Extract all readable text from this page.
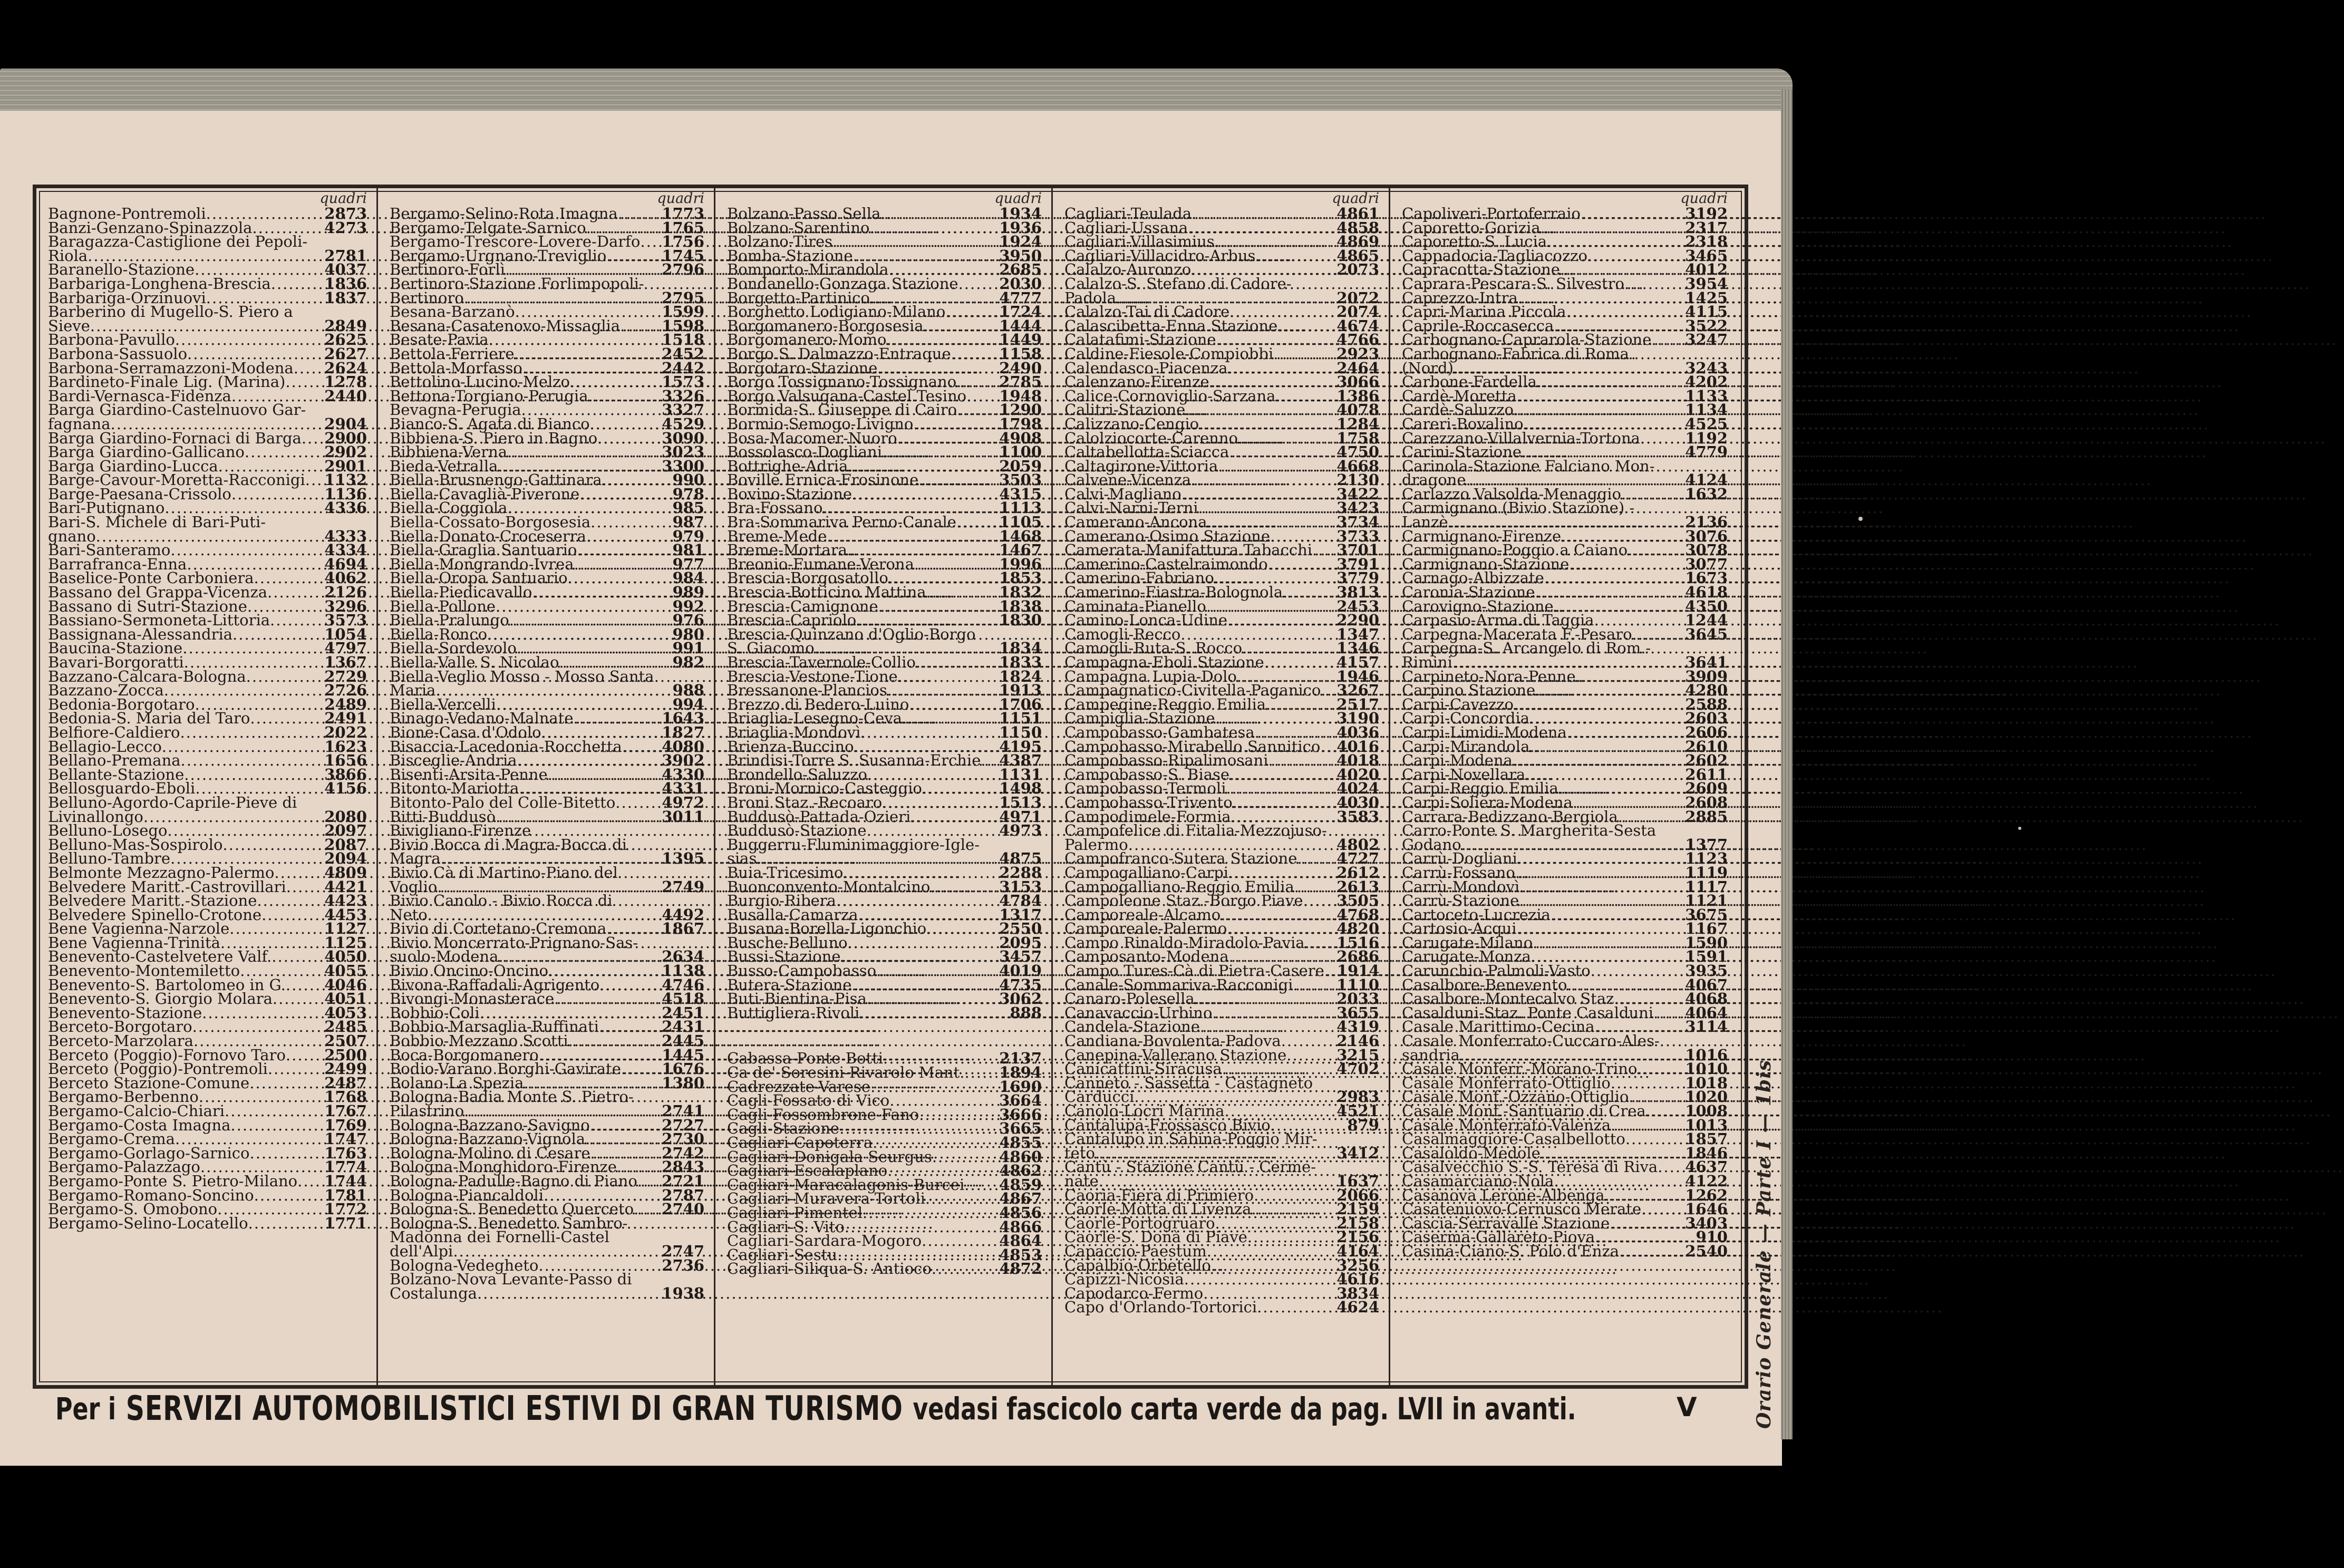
quadri
Bagnone-Pontremoli .....	2873
Banzi-Genzano-Spinazzola .....	4273
Baragazza-Castiglione dei Pepoli-
Riola .....	2781
Baranello-Stazione .....	4037
Barbariga-Longhena-Brescia .....	1836
Barbariga-Orzinuovi .....	1837
Barberino di Mugello-S. Piero a
Sieve .....	2849
Barbona-Pavullo .....	2625
Barbona-Sassuolo .....	2627
Barbona-Serramazzoni-Modena ..... 2624
Bardineto-Finale Lig. (Marina) .....	1278
Bardi-Vernasca-Fidenza .....	2440
Barga Giardino-Castelnuovo Gar-
fagnana .....	2904
Barga Giardino-Fornaci di Barga ..... 2900
Barga Giardino-Gallicano .....	2902
Barga Giardino-Lucca .....	2901
Barge-Cavour-Moretta-Racconigi ..... 1132
Barge-Paesana-Crissolo .....	1136
Bari-Putignano .....	4336
Bari-S. Michele di Bari-Puti-
gnano .....	4333
Bari-Santeramo .....	4334
Barrafranca-Enna .....	4694
Baselice-Ponte Carboniera .....	4062
Bassano del Grappa-Vicenza .....	2126
Bassano di Sutri-Stazione .....	3296
Bassiano-Sermoneta-Littoria .....	3573
Bassignana-Alessandria .....	1054
Baucina-Stazione .....	4797
Bavari-Borgoratti .....	1367
Bazzano-Calcara-Bologna .....	2729
Bazzano-Zocca .....	2726
Bedonia-Borgotaro .....	2489
Bedonia-S. Maria del Taro .....	2491
Belfiore-Caldiero .....	2022
Bellagio-Lecco .....	1623
Bellano-Premana .....	1656
Bellante-Stazione .....	3866
Bellosguardo-Eboli .....	4156
Belluno-Agordo-Caprile-Pieve di
Livinallongo .....	2080
Belluno-Losego .....	2097
Belluno-Mas-Sospirolo .....	2087
Belluno-Tambre .....	2094
Belmonte Mezzagno-Palermo .....	4809
Belvedere Maritt.-Castrovillari .....	4421
Belvedere Maritt.-Stazione .....	4423
Belvedere Spinello-Crotone .....	4453
Bene Vagienna-Narzole .....	1127
Bene Vagienna-Trinità .....	1125
Benevento-Castelvetere Valf. .....	4050
Benevento-Montemiletto .....	4055
Benevento-S. Bartolomeo in G. .....	4046
Benevento-S. Giorgio Molara .....	4051
Benevento-Stazione .....	4053
Berceto-Borgotaro .....	2485
Berceto-Marzolara .....	2507
Berceto (Poggio)-Fornovo Taro .....	2500
Berceto (Poggio)-Pontremoli .....	2499
Berceto Stazione-Comune .....	2487
Bergamo-Berbenno .....	1768
Bergamo-Calcio-Chiari .....	1767
Bergamo-Costa Imagna .....	1769
Bergamo-Crema .....	1747
Bergamo-Gorlago-Sarnico .....	1763
Bergamo-Palazzago .....	1774
Bergamo-Ponte S. Pietro-Milano ..... 1744
Bergamo-Romano-Soncino .....	1781
Bergamo-S. Omobono .....	1772
Bergamo-Selino-Locatello .....	1771
quadri
Bergamo-Selino-Rota Imagna .....	1773
Bergamo-Telgate-Sarnico .....	1765
Bergamo-Trescore-Lovere-Darfo ..... 1756
Bergamo-Urgnano-Treviglio .....	1745
Bertinoro-Forlì .....	2796
Bertinoro-Stazione Forlimpopoli-
Bertinoro .....	2795
Besana-Barzanò .....	1599
Besana-Casatenovo-Missaglia .....	1598
Besate-Pavia .....	1518
Bettola-Ferriere .....	2452
Bettola-Morfasso .....	2442
Bettolino-Lucino-Melzo .....	1573
Bettona-Torgiano-Perugia .....	3326
Bevagna-Perugia .....	3327
Bianco-S. Agata di Bianco .....	4529
Bibbiena-S. Piero in Bagno .....	3090
Bibbiena-Verna .....	3023
Bieda-Vetralla .....	3300
Biella-Brusnengo-Gattinara .....	990
Biella-Cavaglià-Piverone .....	978
Biella-Coggiola .....	985
Biella-Cossato-Borgosesia .....	987
Biella-Donato-Croceserra .....	979
Biella-Graglia Santuario .....	981
Biella-Mongrando-Ivrea .....	977
Biella-Oropa Santuario .....	984
Biella-Piedicavallo .....	989
Biella-Pollone .....	992
Biella-Pralungo .....	976
Biella-Ronco .....	980
Biella-Sordevolo .....	991
Biella-Valle S. Nicolao .....	982
Biella-Veglio Mosso - Mosso Santa
Maria .....	988
Biella-Vercelli .....	994
Binago-Vedano-Malnate .....	1643
Bione-Casa d'Odolo .....	1827
Bisaccia-Lacedonia-Rocchetta .....	4080
Bisceglie-Andria .....	3902
Bisenti-Arsita-Penne .....	4330
Bitonto-Mariotta .....	4331
Bitonto-Palo del Colle-Bitetto .....	4972
Bitti-Buddusò .....	3011
Bivigliano-Firenze
Bivio Bocca di Magra-Bocca di
Magra .....	1395
Bivio Cà di Martino-Piano del
Voglio .....	2749
Bivio Canolo - Bivio Rocca di
Neto .....	4492
Bivio di Cortetano-Cremona .....	1867
Bivio Moncerrato-Prignano-Sas-
suolo-Modena .....	2634
Bivio Oncino-Oncino .....	1138
Bivona-Raffadali-Agrigento .....	4746
Bivongi-Monasterace .....	4518
Bobbio-Coli .....	2451
Bobbio-Marsaglia-Ruffinati .....	2431
Bobbio-Mezzano Scotti .....	2445
Boca-Borgomanero .....	1445
Bodio-Varano Borghi-Gavirate .....	1676
Bolano-La Spezia .....	1380
Bologna-Badia Monte S. Pietro-
Pilastrino .....	2741
Bologna-Bazzano-Savigno .....	2727
Bologna-Bazzano-Vignola .....	2730
Bologna-Molino di Cesare .....	2742
Bologna-Monghidoro-Firenze .....	2843
Bologna-Padulle-Bagno di Piano ..... 2721
Bologna-Piancaldoli .....	2787
Bologna-S. Benedetto Querceto ..... 2740
Bologna-S. Benedetto Sambro-
Madonna dei Fornelli-Castel
dell'Alpi .....	2747
Bologna-Vedegheto .....	2736
Bolzano-Nova Levante-Passo di
Costalunga .....	1938
quadri
Bolzano-Passo Sella .....	1934
Bolzano-Sarentino .....	1936
Bolzano-Tires .....	1924
Bomba-Stazione .....	3950
Bomporto-Mirandola .....	2685
Bondanello-Gonzaga Stazione .....	2030
Borgetto-Partinico .....	4777
Borghetto Lodigiano-Milano .....	1724
Borgomanero-Borgosesia .....	1444
Borgomanero-Momo .....	1449
Borgo S. Dalmazzo-Entraque .....	1158
Borgotaro-Stazione .....	2490
Borgo Tossignano-Tossignano .....	2785
Borgo Valsugana-Castel Tesino ..... 1948
Bormida-S. Giuseppe di Cairo .....	1290
Bormio-Semogo-Livigno .....	1798
Bosa-Macomer-Nuoro .....	4908
Bossolasco-Dogliani .....	1100
Bottrighe-Adria .....	2059
Boville Ernica-Frosinone .....	3503
Bovino-Stazione .....	4315
Bra-Fossano .....	1113
Bra-Sommariva Perno-Canale .....	1105
Breme-Mede .....	1468
Breme-Mortara .....	1467
Breonio-Fumane-Verona .....	1996
Brescia-Borgosatollo .....	1853
Brescia-Botticino Mattina .....	1832
Brescia-Camignone .....	1838
Brescia-Capriolo .....	1830
Brescia-Quinzano d'Oglio-Borgo
S. Giacomo .....	1834
Brescia-Tavernole-Collio .....	1833
Brescia-Vestone-Tione .....	1824
Bressanone-Plancios .....	1913
Brezzo di Bedero-Luino .....	1706
Briaglia-Lesegno-Ceva .....	1151
Briaglia-Mondovì .....	1150
Brienza-Buccino .....	4195
Brindisi-Torre S. Susanna-Erchie ..... 4387
Brondello-Saluzzo .....	1131
Broni-Mornico-Casteggio .....	1498
Broni Staz.-Recoaro .....	1513
Buddusò-Pattada-Ozieri .....	4971
Buddusò-Stazione .....	4973
Buggerru-Fluminimaggiore-Igle-
sias .....	4875
Buia-Tricesimo .....	2288
Buonconvento-Montalcino .....	3153
Burgio-Ribera .....	4784
Busalla-Camarza .....	1317
Busana-Borella-Ligonchio .....	2550
Busche-Belluno .....	2095
Bussi-Stazione .....	3457
Busso-Campobasso .....	4019
Butera-Stazione .....	4735
Buti-Bientina-Pisa .....	3062
Buttigliera-Rivoli .....	888
Cabassa-Ponte Botti .....	2137
Ca de' Soresini-Rivarolo Mant. ..... 1894
Cadrezzate-Varese .....	1690
Cagli-Fossato di Vico .....	3664
Cagli-Fossombrone-Fano .....	3666
Cagli-Stazione .....	3665
Cagliari-Capoterra .....	4855
Cagliari-Donigala Seurgus .....	4860
Cagliari-Escalaplano .....	4862
Cagliari-Maracalagonis-Burcei ..... 4859
Cagliari-Muravera-Tortoli .....	4867
Cagliari-Pimentel .....	4856
Cagliari-S. Vito .....	4866
Cagliari-Sardara-Mogoro .....	4864
Cagliari-Sestu .....	4853
Cagliari-Siliqua-S. Antioco .....	4872
quadri
Cagliari-Teulada .....	4861
Cagliari-Ussana .....	4858
Cagliari-Villasimius .....	4869
Cagliari-Villacidro-Arbus .....	4865
Calalzo-Auronzo .....	2073
Calalzo-S. Stefano di Cadore-
Padola .....	2072
Calalzo-Tai di Cadore .....	2074
Calascibetta-Enna Stazione .....	4674
Calatafimi-Stazione .....	4766
Caldine-Fiesole-Compiobbi .....	2923
Calendasco-Piacenza .....	2464
Calenzano-Firenze .....	3066
Calice-Cornoviglio-Sarzana .....	1386
Calitri-Stazione .....	4078
Calizzano-Cengio .....	1284
Calolziocorte-Carenno .....	1758
Caltabellotta-Sciacca .....	4750
Caltagirone-Vittoria .....	4668
Calvene-Vicenza .....	2130
Calvi-Magliano .....	3422
Calvi-Narni-Terni .....	3423
Camerano-Ancona .....	3734
Camerano-Osimo Stazione .....	3733
Camerata-Manifattura Tabacchi ..... 3701
Camerino-Castelraimondo .....	3791
Camerino-Fabriano .....	3779
Camerino-Fiastra-Bolognola .....	3813
Caminata-Pianello .....	2453
Camino-Lonca-Udine .....	2290
Camogli-Recco .....	1347
Camogli-Ruta-S. Rocco .....	1346
Campagna-Eboli Stazione .....	4157
Campagna Lupia-Dolo .....	1946
Campagnatico-Civitella-Paganico ..... 3267
Campegine-Reggio Emilia .....	2517
Campiglia-Stazione .....	3190
Campobasso-Gambatesa .....	4036
Campobasso-Mirabello Sannitico ..... 4016
Campobasso-Ripalimosani .....	4018
Campobasso-S. Biase .....	4020
Campobasso-Termoli .....	4024
Campobasso-Trivento .....	4030
Campodimele-Formia .....	3583
Campofelice di Fitalia-Mezzojuso-
Palermo .....	4802
Campofranco-Sutera Stazione .....	4727
Campogalliano-Carpi .....	2612
Campogalliano-Reggio Emilia .....	2613
Campoleone Staz.-Borgo Piave ..... 3505
Camporeale-Alcamo .....	4768
Camporeale-Palermo .....	4820
Campo Rinaldo-Miradolo-Pavia ..... 1516
Camposanto-Modena .....	2686
Campo Tures-Cà di Pietra-Casere ..... 1914
Canale-Sommariva-Racconigi .....	1110
Canaro-Polesella .....	2033
Canavaccio-Urbino .....	3655
Candela-Stazione .....	4319
Candiana-Bovolenta-Padova .....	2146
Canepina-Vallerano Stazione .....	3215
Canicattini-Siracusa .....	4702
Canneto - Sassetta - Castagneto
Carducci .....	2983
Canolo-Locri Marina .....	4521
Cantalupa-Frossasco Bivio .....	879
Cantalupo in Sabina-Poggio Mir-
teto .....	3412
Cantù - Stazione Cantù - Cerme-
nate .....	1637
Caoria-Fiera di Primiero .....	2066
Caorle-Motta di Livenza .....	2159
Caorle-Portogruaro .....	2158
Caorle-S. Donà di Piave .....	2156
Capaccio-Paestum .....	4164
Capalbio-Orbetello .....	3256
Capizzi-Nicosia .....	4616
Capodarco-Fermo .....	3834
Capo d'Orlando-Tortorici .....	4624
quadri
Capoliveri-Portoferraio .....	3192
Caporetto-Gorizia .....	2317
Caporetto-S. Lucia .....	2318
Cappadocia-Tagliacozzo .....	3465
Capracotta-Stazione .....	4012
Caprara-Pescara-S. Silvestro .....	3954
Caprezzo-Intra .....	1425
Capri-Marina Piccola .....	4115
Caprile-Roccasecca .....	3522
Carbognano-Caprarola-Stazione ..... 3247
Carbognano-Fabrica di Roma
(Nord) .....	3243
Carbone-Fardella .....	4202
Cardè-Moretta .....	1133
Cardè-Saluzzo .....	1134
Careri-Bovalino .....	4525
Carezzano-Villalvernia-Tortona .....	1192
Carini-Stazione .....	4779
Carinola-Stazione Falciano Mon-
dragone .....	4124
Carlazzo Valsolda-Menaggio .....	1632
Carmignano (Bivio Stazione) -
Lanzè .....	2136
Carmignano-Firenze .....	3076
Carmignano-Poggio a Caiano .....	3078
Carmignano-Stazione .....	3077
Carnago-Albizzate .....	1673
Caronia-Stazione .....	4618
Carovigno-Stazione .....	4350
Carpasio-Arma di Taggia .....	1244
Carpegna-Macerata F.-Pesaro .....	3645
Carpegna-S. Arcangelo di Rom.-
Rimini .....	3641
Carpineto-Nora-Penne .....	3909
Carpino Stazione .....	4280
Carpi-Cavezzo .....	2588
Carpi-Concordia .....	2603
Carpi-Limidi-Modena .....	2606
Carpi-Mirandola .....	2610
Carpi-Modena .....	2602
Carpi-Novellara .....	2611
Carpi-Reggio Emilia .....	2609
Carpi-Soliera-Modena .....	2608
Carrara-Bedizzano-Bergiola .....	2885
Carro-Ponte S. Margherita-Sesta
Godano .....	1377
Carrù-Dogliani .....	1123
Carrù-Fossano .....	1119
Carrù-Mondovì .....	1117
Carrù-Stazione .....	1121
Cartoceto-Lucrezia .....	3675
Cartosio-Acqui .....	1167
Carugate-Milano .....	1590
Carugate-Monza .....	1591
Carunchio-Palmoli-Vasto .....	3935
Casalbore-Benevento .....	4067
Casalbore-Montecalvo Staz. .....	4068
Casalduni-Staz. Ponte Casalduni ..... 4064
Casale Marittimo-Cecina .....	3114
Casale Monferrato-Cuccaro-Ales-
sandria .....	1016
Casale Monferr.-Morano-Trino .....	1010
Casale Monferrato-Ottiglio .....	1018
Casale Monf.-Ozzano-Ottiglio .....	1020
Casale Monf.-Santuario di Crea .....	1008
Casale Monferrato-Valenza .....	1013
Casalmaggiore-Casalbellotto .....	1857
Casaloldo-Medole .....	1846
Casalvecchio S.-S. Teresa di Riva ..... 4637
Casamarciano-Nola .....	4122
Casanova Lerone-Albenga .....	1262
Casatenuovo-Cernusco Merate .....	1646
Cascia-Serravalle Stazione .....	3403
Caserma-Gallareto-Piova .....	910
Casina-Ciano-S. Polo d'Enza .....	2540
Per i SERVIZI AUTOMOBILISTICI ESTIVI DI GRAN TURISMO vedasi fascicolo carta verde da pag. LVII in avanti.	V	Orario Generale — Parte I — 1bis
